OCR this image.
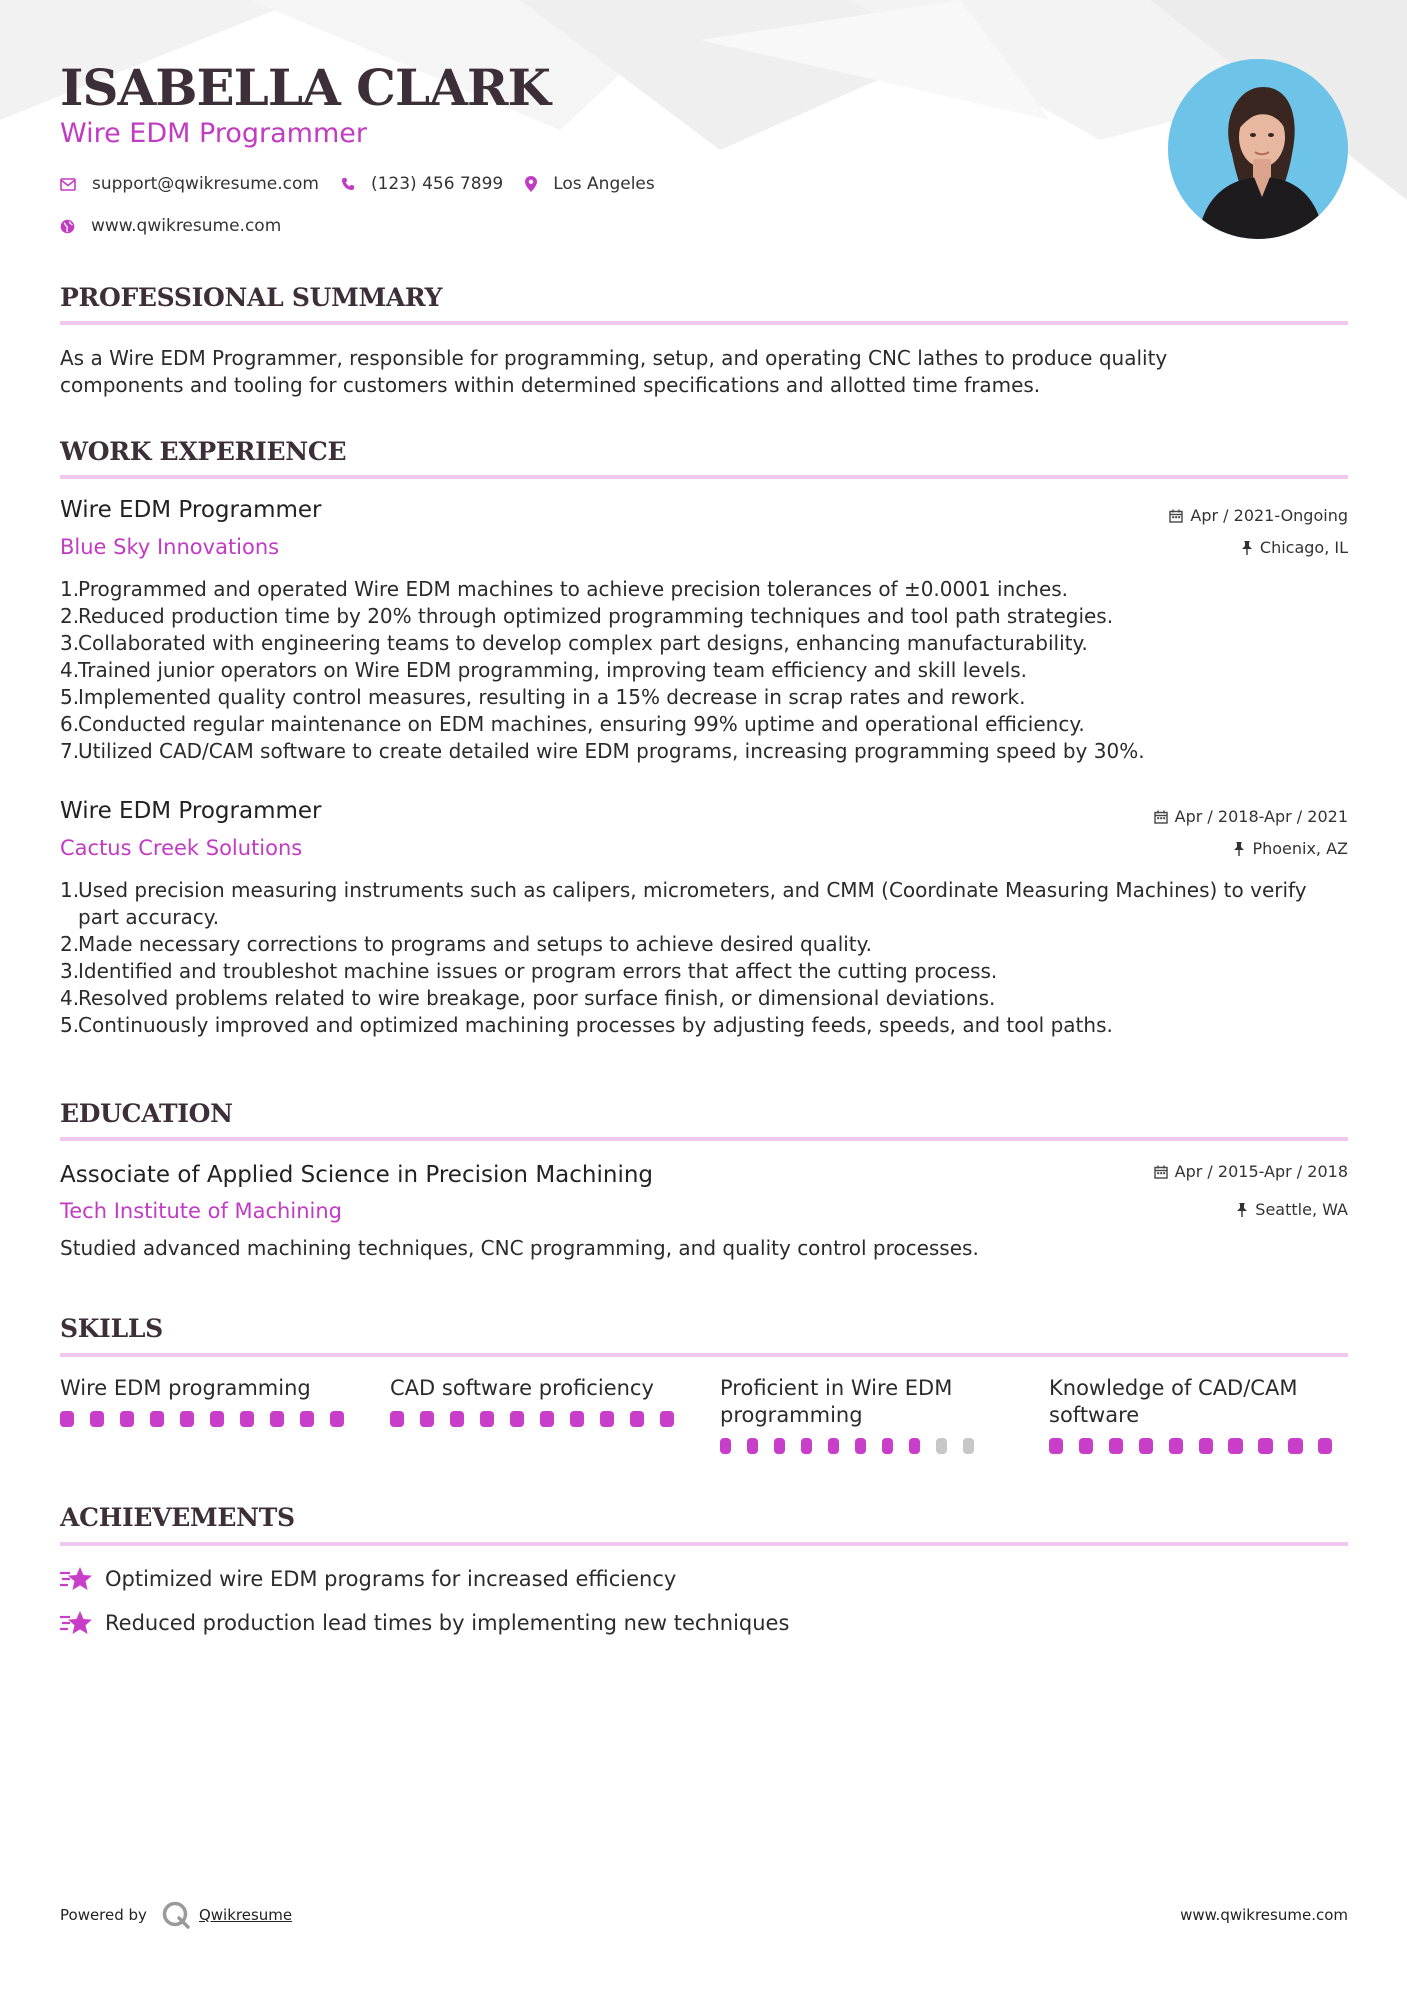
ISABELLA CLARK
Wire EDM Programmer
support@qwikresume.com	(123) 456 7899	Los Angeles
www.qwikresume.com
PROFESSIONAL SUMMARY
As a Wire EDM Programmer, responsible for programming, setup, and operating CNC lathes to produce quality components and tooling for customers within determined specifications and allotted time frames.
WORK EXPERIENCE
Wire EDM Programmer	Apr / 2021-Ongoing
Blue Sky Innovations	Chicago, IL
1.
Programmed and operated Wire EDM machines to achieve precision tolerances of ±0.0001 inches.
2.
Reduced production time by 20% through optimized programming techniques and tool path strategies.
3.
Collaborated with engineering teams to develop complex part designs, enhancing manufacturability.
4.
Trained junior operators on Wire EDM programming, improving team efficiency and skill levels.
5.
Implemented quality control measures, resulting in a 15% decrease in scrap rates and rework.
6.
Conducted regular maintenance on EDM machines, ensuring 99% uptime and operational efficiency.
7.
Utilized CAD/CAM software to create detailed wire EDM programs, increasing programming speed by 30%.
Wire EDM Programmer	Apr / 2018-Apr / 2021
Cactus Creek Solutions	Phoenix, AZ
1.
Used precision measuring instruments such as calipers, micrometers, and CMM (Coordinate Measuring Machines) to verify part accuracy.
2.
Made necessary corrections to programs and setups to achieve desired quality.
3.
Identified and troubleshot machine issues or program errors that affect the cutting process.
4.
Resolved problems related to wire breakage, poor surface finish, or dimensional deviations.
5.
Continuously improved and optimized machining processes by adjusting feeds, speeds, and tool paths.
EDUCATION
Associate of Applied Science in Precision Machining	Apr / 2015-Apr / 2018
Tech Institute of Machining	Seattle, WA
Studied advanced machining techniques, CNC programming, and quality control processes.
SKILLS
Wire EDM programming	CAD software proficiency	Proficient in Wire EDM programming
Knowledge of CAD/CAM software
ACHIEVEMENTS
Optimized wire EDM programs for increased efficiency
Reduced production lead times by implementing new techniques
Powered by	Qwikresume	www.qwikresume.com
